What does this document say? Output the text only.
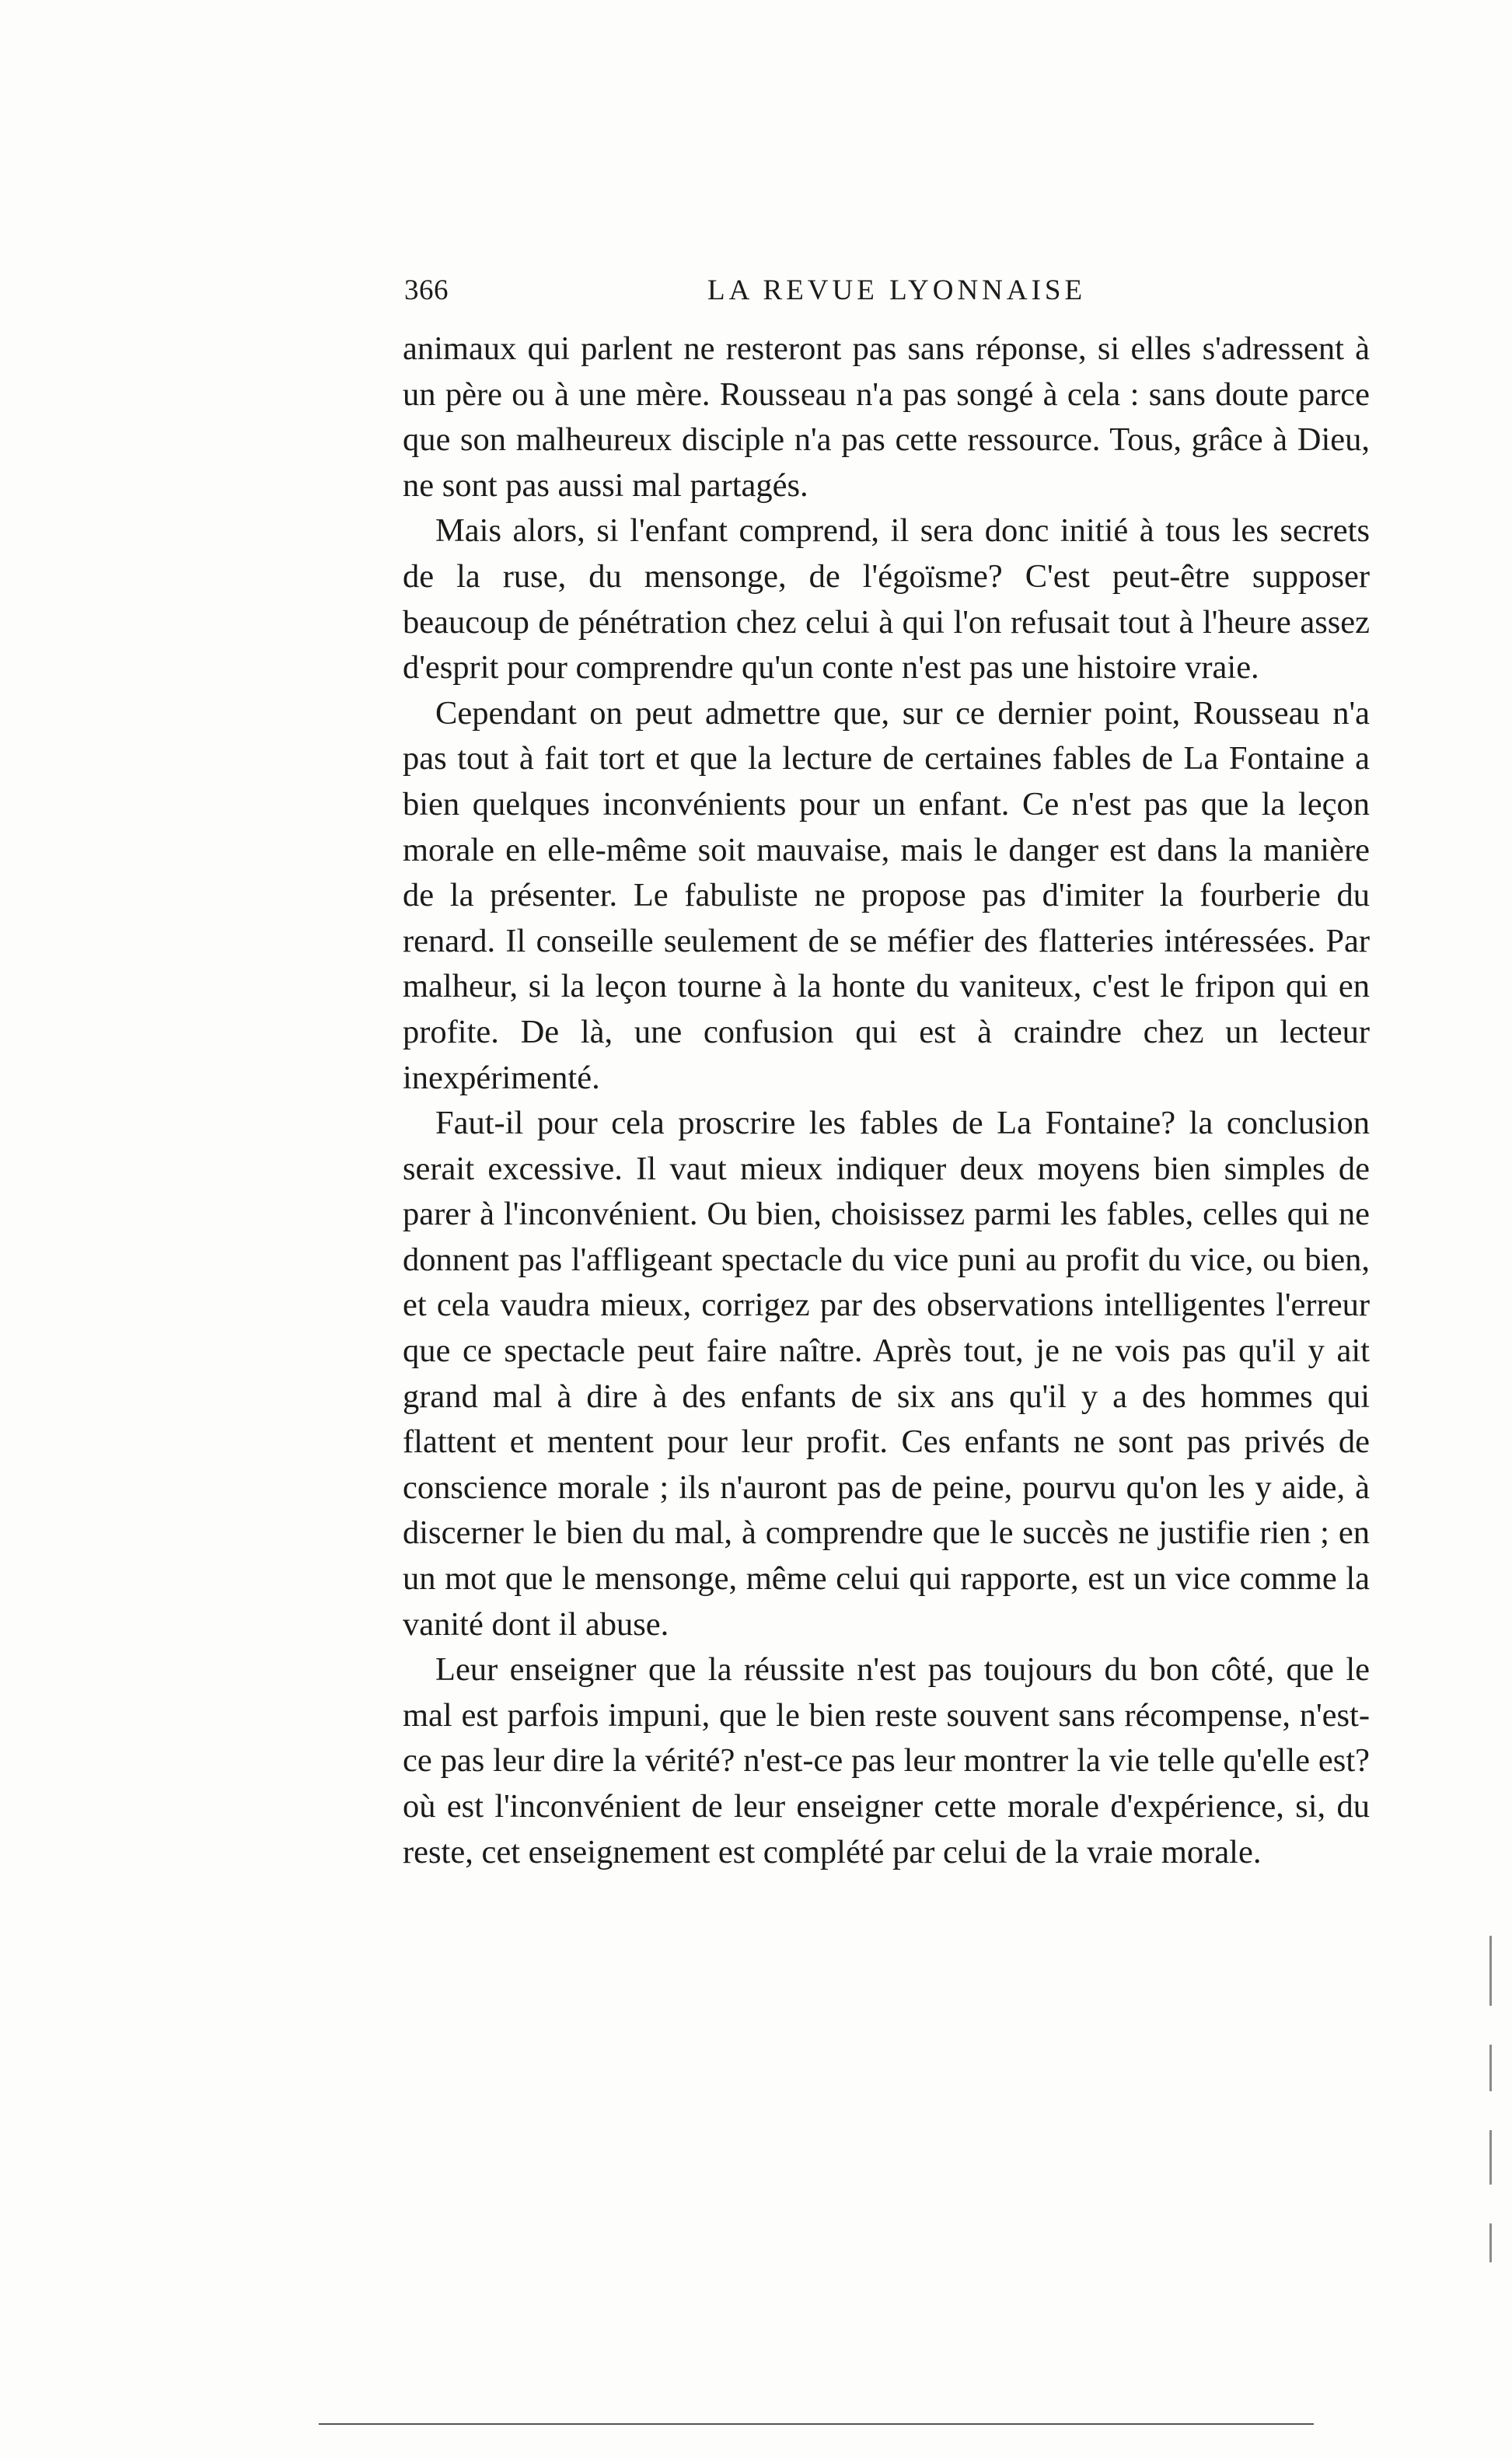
366	LA REVUE LYONNAISE

animaux qui parlent ne resteront pas sans réponse, si elles s'adressent à un père ou à une mère. Rousseau n'a pas songé à cela : sans doute parce que son malheureux disciple n'a pas cette ressource. Tous, grâce à Dieu, ne sont pas aussi mal partagés.

Mais alors, si l'enfant comprend, il sera donc initié à tous les secrets de la ruse, du mensonge, de l'égoïsme? C'est peut-être supposer beaucoup de pénétration chez celui à qui l'on refusait tout à l'heure assez d'esprit pour comprendre qu'un conte n'est pas une histoire vraie.

Cependant on peut admettre que, sur ce dernier point, Rousseau n'a pas tout à fait tort et que la lecture de certaines fables de La Fontaine a bien quelques inconvénients pour un enfant. Ce n'est pas que la leçon morale en elle-même soit mauvaise, mais le danger est dans la manière de la présenter. Le fabuliste ne propose pas d'imiter la fourberie du renard. Il conseille seulement de se méfier des flatteries intéressées. Par malheur, si la leçon tourne à la honte du vaniteux, c'est le fripon qui en profite. De là, une confusion qui est à craindre chez un lecteur inexpérimenté.

Faut-il pour cela proscrire les fables de La Fontaine? la conclusion serait excessive. Il vaut mieux indiquer deux moyens bien simples de parer à l'inconvénient. Ou bien, choisissez parmi les fables, celles qui ne donnent pas l'affligeant spectacle du vice puni au profit du vice, ou bien, et cela vaudra mieux, corrigez par des observations intelligentes l'erreur que ce spectacle peut faire naître. Après tout, je ne vois pas qu'il y ait grand mal à dire à des enfants de six ans qu'il y a des hommes qui flattent et mentent pour leur profit. Ces enfants ne sont pas privés de conscience morale ; ils n'auront pas de peine, pourvu qu'on les y aide, à discerner le bien du mal, à comprendre que le succès ne justifie rien ; en un mot que le mensonge, même celui qui rapporte, est un vice comme la vanité dont il abuse.

Leur enseigner que la réussite n'est pas toujours du bon côté, que le mal est parfois impuni, que le bien reste souvent sans récompense, n'est-ce pas leur dire la vérité? n'est-ce pas leur montrer la vie telle qu'elle est? où est l'inconvénient de leur enseigner cette morale d'expérience, si, du reste, cet enseignement est complété par celui de la vraie morale.
